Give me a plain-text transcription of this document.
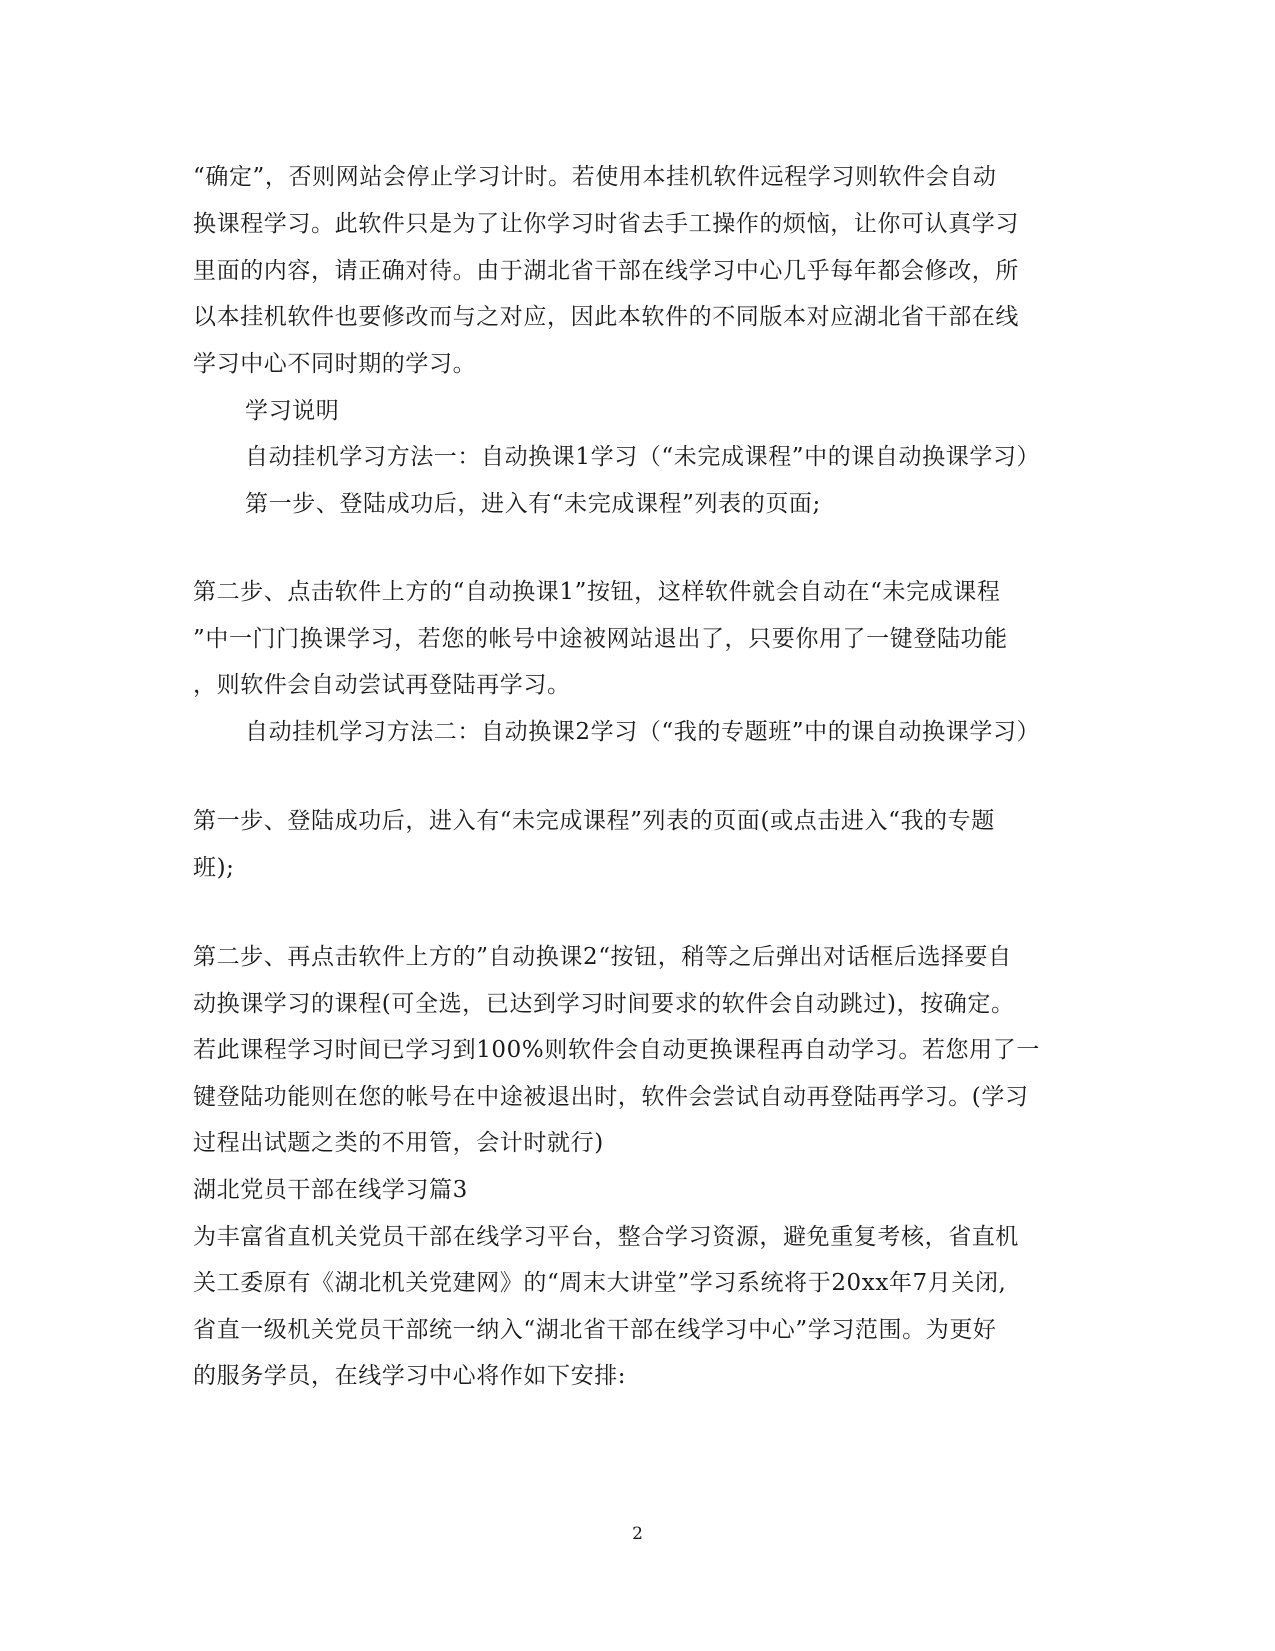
“确定”，否则网站会停止学习计时。若使用本挂机软件远程学习则软件会自动

换课程学习。此软件只是为了让你学习时省去手工操作的烦恼，让你可认真学习

里面的内容，请正确对待。由于湖北省干部在线学习中心几乎每年都会修改，所

以本挂机软件也要修改而与之对应，因此本软件的不同版本对应湖北省干部在线

学习中心不同时期的学习。

学习说明

自动挂机学习方法一：自动换课1学习（“未完成课程”中的课自动换课学习）

第一步、登陆成功后，进入有“未完成课程”列表的页面;

第二步、点击软件上方的“自动换课1”按钮，这样软件就会自动在“未完成课程

”中一门门换课学习，若您的帐号中途被网站退出了，只要你用了一键登陆功能

，则软件会自动尝试再登陆再学习。

自动挂机学习方法二：自动换课2学习（“我的专题班”中的课自动换课学习）

第一步、登陆成功后，进入有“未完成课程”列表的页面(或点击进入“我的专题

班);

第二步、再点击软件上方的”自动换课2“按钮，稍等之后弹出对话框后选择要自

动换课学习的课程(可全选，已达到学习时间要求的软件会自动跳过)，按确定。

若此课程学习时间已学习到100%则软件会自动更换课程再自动学习。若您用了一

键登陆功能则在您的帐号在中途被退出时，软件会尝试自动再登陆再学习。(学习

过程出试题之类的不用管，会计时就行)

湖北党员干部在线学习篇3

为丰富省直机关党员干部在线学习平台，整合学习资源，避免重复考核，省直机

关工委原有《湖北机关党建网》的“周末大讲堂”学习系统将于20xx年7月关闭,

省直一级机关党员干部统一纳入“湖北省干部在线学习中心”学习范围。为更好

的服务学员，在线学习中心将作如下安排:

2
